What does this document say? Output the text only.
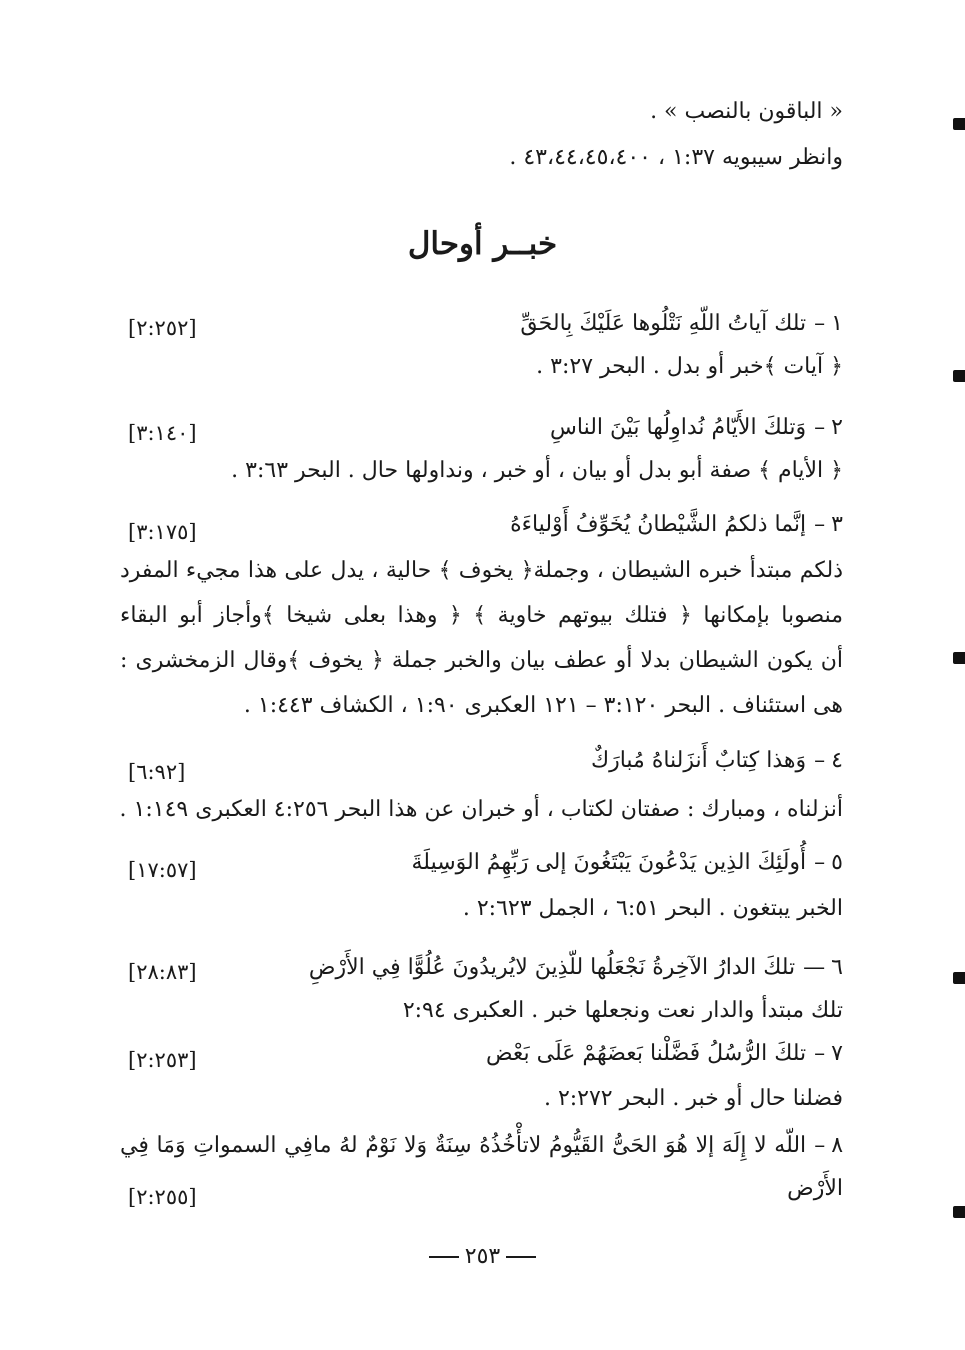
« الباقون بالنصب » .
وانظر سيبويه ١:٣٧ ، ٤٣،٤٤،٤٥،٤٠٠ .
خبــر أوحال
١–تلك آياتُ اللّهِ نَتْلُوها عَلَيْكَ بِالحَقِّ
[٢:٢٥٢]
﴿ آيات ﴾خبر أو بدل . البحر ٣:٢٧ .
٢–وَتلكَ الأَيّامُ نُداوِلُها بَيْنَ الناسِ
[٣:١٤٠]
﴿ الأيام ﴾ صفة أبو بدل أو بيان ، أو خبر ، ونداولها حال . البحر ٣:٦٣ .
٣–إنَّما ذلكمُ الشَّيْطانُ يُخَوِّفُ أَوْلياءَهُ
[٣:١٧٥]
ذلكم مبتدأ خبره الشيطان ، وجملة﴿ يخوف ﴾ حالية ، يدل على هذا مجيء المفرد
منصوبا بإمكانها ﴿ فتلك بيوتهم خاوية ﴾ ﴿ وهذا بعلى شيخا ﴾وأجاز أبو البقاء
أن يكون الشيطان بدلا أو عطف بيان والخبر جملة ﴿ يخوف ﴾وقال الزمخشرى :
هى استئناف . البحر ٣:١٢٠ – ١٢١ العكبرى ١:٩٠ ، الكشاف ١:٤٤٣ .
٤–وَهذا كِتابٌ أَنزَلناهُ مُبارَكٌ
[٦:٩٢]
أنزلناه ، ومبارك : صفتان لكتاب ، أو خبران عن هذا البحر ٤:٢٥٦ العكبرى ١:١٤٩ .
٥–أُولَئِكَ الذِين يَدْعُونَ يَبْتَغُونَ إلى رَبِّهِمُ الوَسِيلَةَ
[١٧:٥٧]
الخبر يبتغون . البحر ٦:٥١ ، الجمل ٢:٦٢٣ .
٦—تلكَ الدارُ الآخِرةُ نَجْعَلُها للّذِينَ لايُريدُونَ عُلُوًّا فِي الأَرْضِ
[٢٨:٨٣]
تلك مبتدأ والدار نعت ونجعلها خبر . العكبرى ٢:٩٤
٧–تلكَ الرُّسُلُ فَضَّلْنا بَعضَهُمْ عَلَى بَعْض
[٢:٢٥٣]
فضلنا حال أو خبر . البحر ٢:٢٧٢ .
٨–اللّه لا إِلَهَ إلا هُوَ الحَىُّ القَيُّومُ لاتأْخُذُهُ سِنَةٌ وَلا نَوْمٌ لهُ مافِي السمواتِ وَمَا فِي
الأَرْض
[٢:٢٥٥]
٢٥٣
